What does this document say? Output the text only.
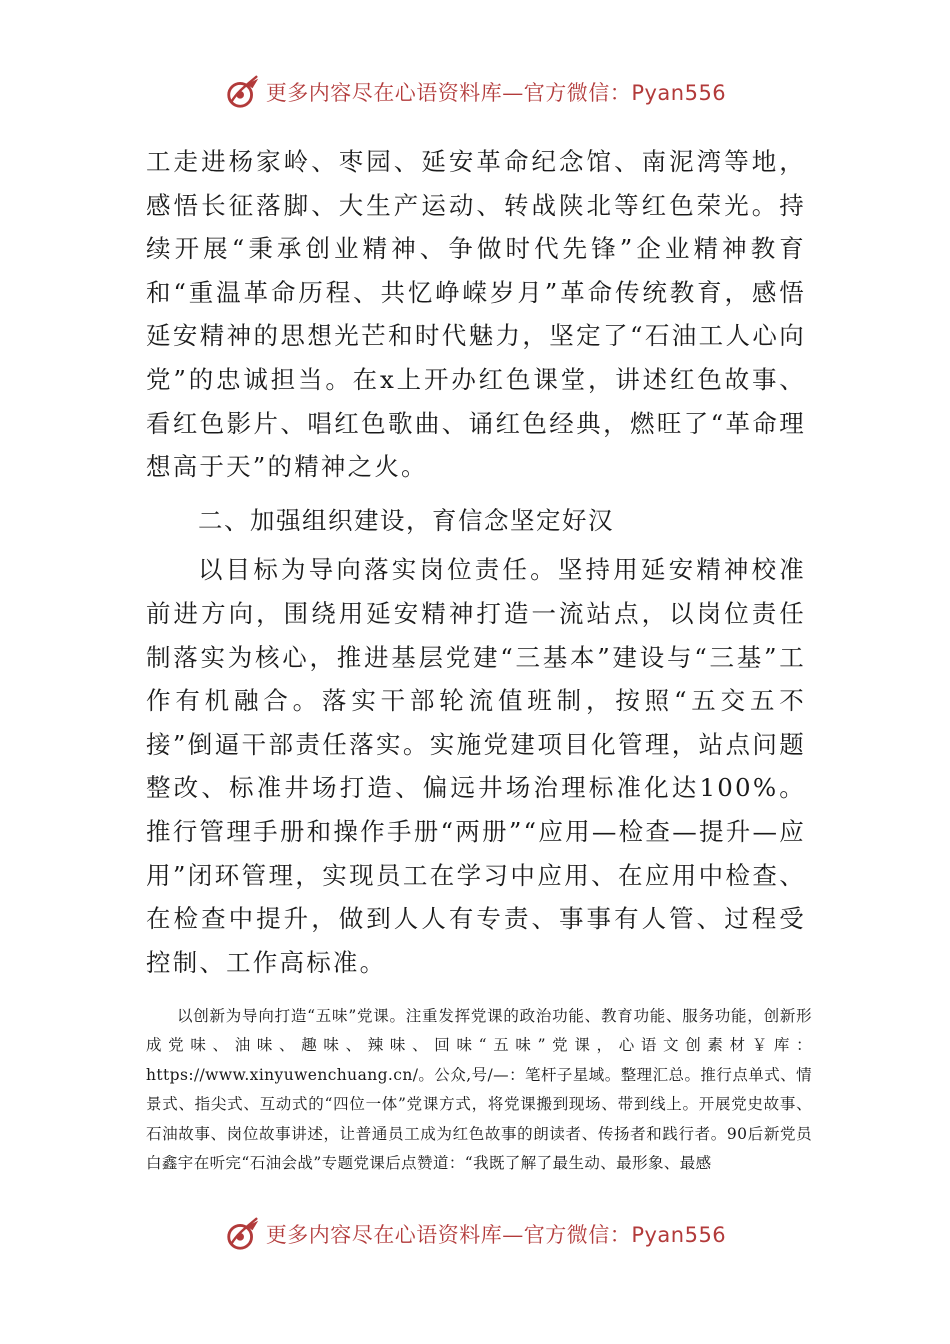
更多内容尽在心语资料库—官方微信：Pyan556

工走进杨家岭、枣园、延安革命纪念馆、南泥湾等地，感悟长征落脚、大生产运动、转战陕北等红色荣光。持续开展“秉承创业精神、争做时代先锋”企业精神教育和“重温革命历程、共忆峥嵘岁月”革命传统教育，感悟延安精神的思想光芒和时代魅力，坚定了“石油工人心向党”的忠诚担当。在x上开办红色课堂，讲述红色故事、看红色影片、唱红色歌曲、诵红色经典，燃旺了“革命理想高于天”的精神之火。

二、加强组织建设，育信念坚定好汉

以目标为导向落实岗位责任。坚持用延安精神校准前进方向，围绕用延安精神打造一流站点，以岗位责任制落实为核心，推进基层党建“三基本”建设与“三基”工作有机融合。落实干部轮流值班制，按照“五交五不接”倒逼干部责任落实。实施党建项目化管理，站点问题整改、标准井场打造、偏远井场治理标准化达100%。推行管理手册和操作手册“两册”“应用—检查—提升—应用”闭环管理，实现员工在学习中应用、在应用中检查、在检查中提升，做到人人有专责、事事有人管、过程受控制、工作高标准。

以创新为导向打造“五味”党课。注重发挥党课的政治功能、教育功能、服务功能，创新形成党味、油味、趣味、辣味、回味“五味”党课，心语文创素材￥库：https://www.xinyuwenchuang.cn/。公众,号/—：笔杆子星域。整理汇总。推行点单式、情景式、指尖式、互动式的“四位一体”党课方式，将党课搬到现场、带到线上。开展党史故事、石油故事、岗位故事讲述，让普通员工成为红色故事的朗读者、传扬者和践行者。90后新党员白鑫宇在听完“石油会战”专题党课后点赞道：“我既了解了最生动、最形象、最感

更多内容尽在心语资料库—官方微信：Pyan556
